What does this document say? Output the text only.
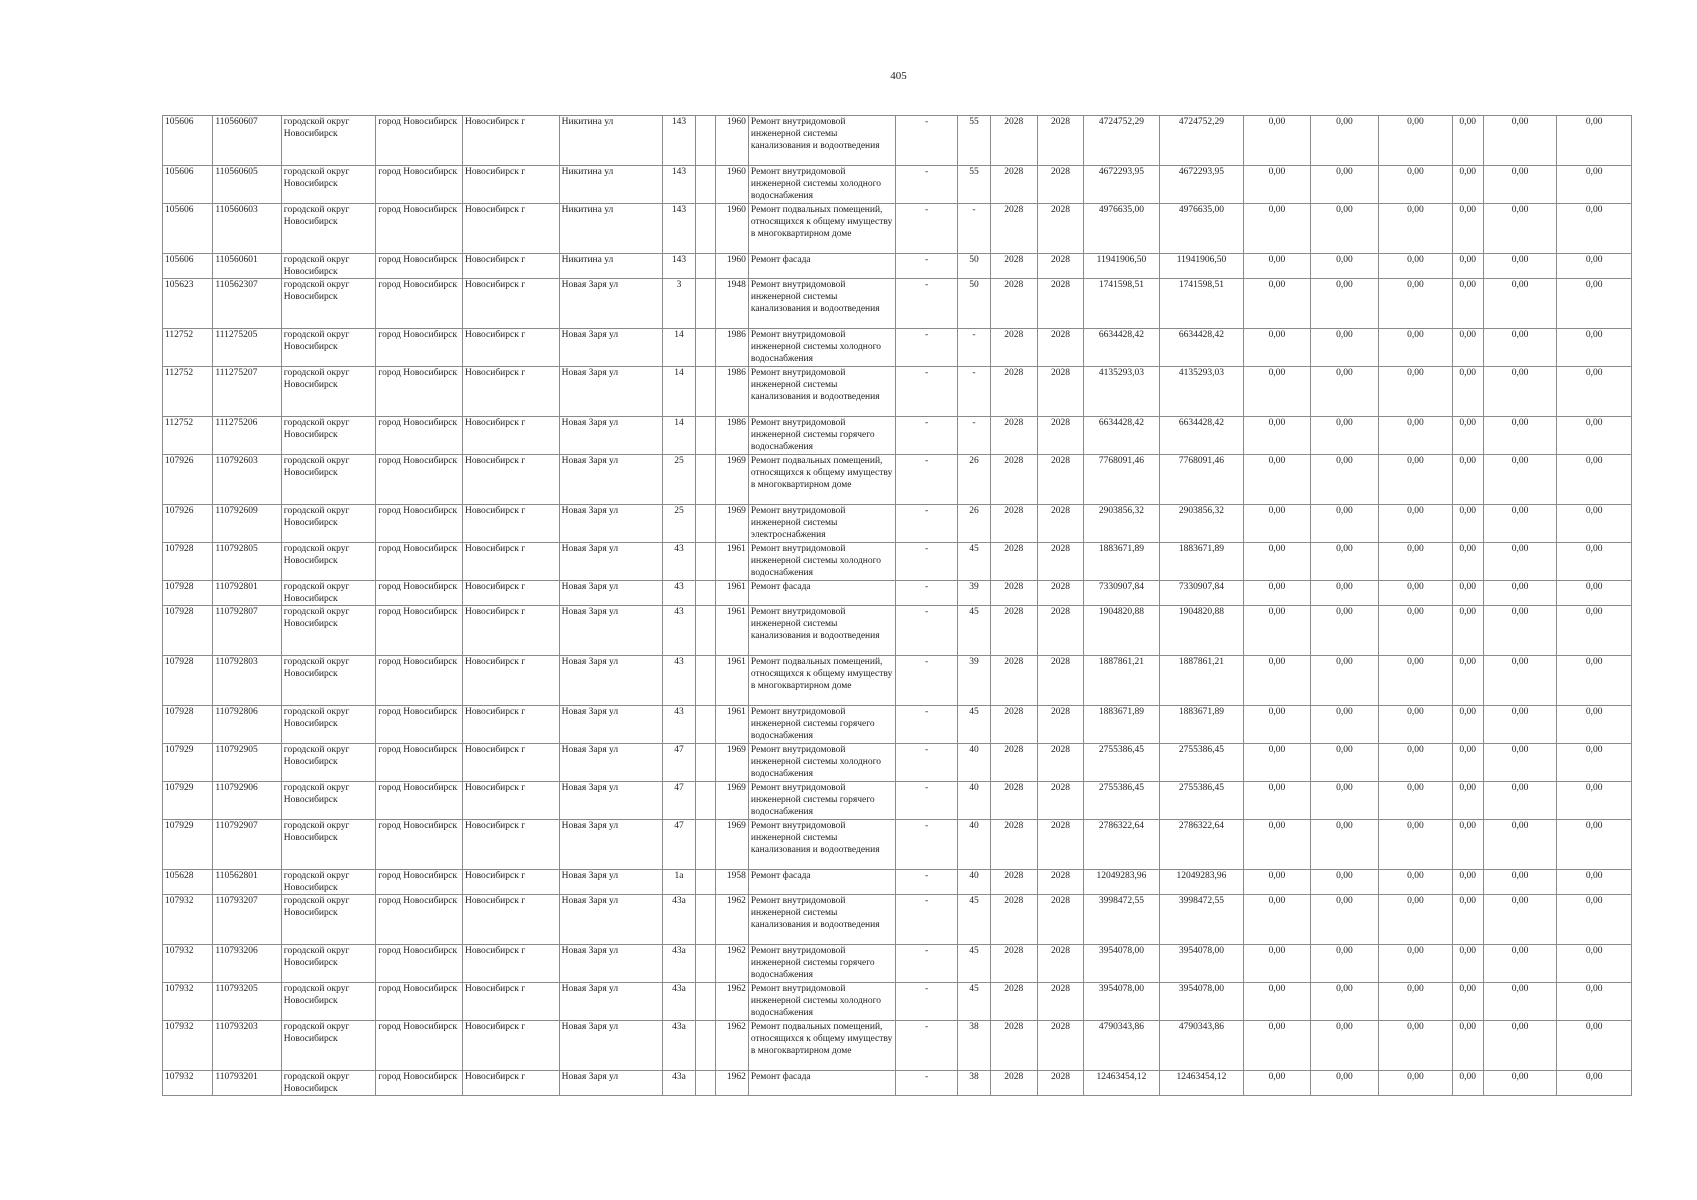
405
105606	110560607	городской округ Новосибирск	город Новосибирск	Новосибирск г	Никитина ул	143		1960	Ремонт внутридомовой инженерной системы канализования и водоотведения	-	55	2028	2028	4724752,29	4724752,29	0,00	0,00	0,00	0,00	0,00	0,00
105606	110560605	городской округ Новосибирск	город Новосибирск	Новосибирск г	Никитина ул	143		1960	Ремонт внутридомовой инженерной системы холодного водоснабжения	-	55	2028	2028	4672293,95	4672293,95	0,00	0,00	0,00	0,00	0,00	0,00
105606	110560603	городской округ Новосибирск	город Новосибирск	Новосибирск г	Никитина ул	143		1960	Ремонт подвальных помещений, относящихся к общему имуществу в многоквартирном доме	-	-	2028	2028	4976635,00	4976635,00	0,00	0,00	0,00	0,00	0,00	0,00
105606	110560601	городской округ Новосибирск	город Новосибирск	Новосибирск г	Никитина ул	143		1960	Ремонт фасада	-	50	2028	2028	11941906,50	11941906,50	0,00	0,00	0,00	0,00	0,00	0,00
105623	110562307	городской округ Новосибирск	город Новосибирск	Новосибирск г	Новая Заря ул	3		1948	Ремонт внутридомовой инженерной системы канализования и водоотведения	-	50	2028	2028	1741598,51	1741598,51	0,00	0,00	0,00	0,00	0,00	0,00
112752	111275205	городской округ Новосибирск	город Новосибирск	Новосибирск г	Новая Заря ул	14		1986	Ремонт внутридомовой инженерной системы холодного водоснабжения	-	-	2028	2028	6634428,42	6634428,42	0,00	0,00	0,00	0,00	0,00	0,00
112752	111275207	городской округ Новосибирск	город Новосибирск	Новосибирск г	Новая Заря ул	14		1986	Ремонт внутридомовой инженерной системы канализования и водоотведения	-	-	2028	2028	4135293,03	4135293,03	0,00	0,00	0,00	0,00	0,00	0,00
112752	111275206	городской округ Новосибирск	город Новосибирск	Новосибирск г	Новая Заря ул	14		1986	Ремонт внутридомовой инженерной системы горячего водоснабжения	-	-	2028	2028	6634428,42	6634428,42	0,00	0,00	0,00	0,00	0,00	0,00
107926	110792603	городской округ Новосибирск	город Новосибирск	Новосибирск г	Новая Заря ул	25		1969	Ремонт подвальных помещений, относящихся к общему имуществу в многоквартирном доме	-	26	2028	2028	7768091,46	7768091,46	0,00	0,00	0,00	0,00	0,00	0,00
107926	110792609	городской округ Новосибирск	город Новосибирск	Новосибирск г	Новая Заря ул	25		1969	Ремонт внутридомовой инженерной системы электроснабжения	-	26	2028	2028	2903856,32	2903856,32	0,00	0,00	0,00	0,00	0,00	0,00
107928	110792805	городской округ Новосибирск	город Новосибирск	Новосибирск г	Новая Заря ул	43		1961	Ремонт внутридомовой инженерной системы холодного водоснабжения	-	45	2028	2028	1883671,89	1883671,89	0,00	0,00	0,00	0,00	0,00	0,00
107928	110792801	городской округ Новосибирск	город Новосибирск	Новосибирск г	Новая Заря ул	43		1961	Ремонт фасада	-	39	2028	2028	7330907,84	7330907,84	0,00	0,00	0,00	0,00	0,00	0,00
107928	110792807	городской округ Новосибирск	город Новосибирск	Новосибирск г	Новая Заря ул	43		1961	Ремонт внутридомовой инженерной системы канализования и водоотведения	-	45	2028	2028	1904820,88	1904820,88	0,00	0,00	0,00	0,00	0,00	0,00
107928	110792803	городской округ Новосибирск	город Новосибирск	Новосибирск г	Новая Заря ул	43		1961	Ремонт подвальных помещений, относящихся к общему имуществу в многоквартирном доме	-	39	2028	2028	1887861,21	1887861,21	0,00	0,00	0,00	0,00	0,00	0,00
107928	110792806	городской округ Новосибирск	город Новосибирск	Новосибирск г	Новая Заря ул	43		1961	Ремонт внутридомовой инженерной системы горячего водоснабжения	-	45	2028	2028	1883671,89	1883671,89	0,00	0,00	0,00	0,00	0,00	0,00
107929	110792905	городской округ Новосибирск	город Новосибирск	Новосибирск г	Новая Заря ул	47		1969	Ремонт внутридомовой инженерной системы холодного водоснабжения	-	40	2028	2028	2755386,45	2755386,45	0,00	0,00	0,00	0,00	0,00	0,00
107929	110792906	городской округ Новосибирск	город Новосибирск	Новосибирск г	Новая Заря ул	47		1969	Ремонт внутридомовой инженерной системы горячего водоснабжения	-	40	2028	2028	2755386,45	2755386,45	0,00	0,00	0,00	0,00	0,00	0,00
107929	110792907	городской округ Новосибирск	город Новосибирск	Новосибирск г	Новая Заря ул	47		1969	Ремонт внутридомовой инженерной системы канализования и водоотведения	-	40	2028	2028	2786322,64	2786322,64	0,00	0,00	0,00	0,00	0,00	0,00
105628	110562801	городской округ Новосибирск	город Новосибирск	Новосибирск г	Новая Заря ул	1а		1958	Ремонт фасада	-	40	2028	2028	12049283,96	12049283,96	0,00	0,00	0,00	0,00	0,00	0,00
107932	110793207	городской округ Новосибирск	город Новосибирск	Новосибирск г	Новая Заря ул	43а		1962	Ремонт внутридомовой инженерной системы канализования и водоотведения	-	45	2028	2028	3998472,55	3998472,55	0,00	0,00	0,00	0,00	0,00	0,00
107932	110793206	городской округ Новосибирск	город Новосибирск	Новосибирск г	Новая Заря ул	43а		1962	Ремонт внутридомовой инженерной системы горячего водоснабжения	-	45	2028	2028	3954078,00	3954078,00	0,00	0,00	0,00	0,00	0,00	0,00
107932	110793205	городской округ Новосибирск	город Новосибирск	Новосибирск г	Новая Заря ул	43а		1962	Ремонт внутридомовой инженерной системы холодного водоснабжения	-	45	2028	2028	3954078,00	3954078,00	0,00	0,00	0,00	0,00	0,00	0,00
107932	110793203	городской округ Новосибирск	город Новосибирск	Новосибирск г	Новая Заря ул	43а		1962	Ремонт подвальных помещений, относящихся к общему имуществу в многоквартирном доме	-	38	2028	2028	4790343,86	4790343,86	0,00	0,00	0,00	0,00	0,00	0,00
107932	110793201	городской округ Новосибирск	город Новосибирск	Новосибирск г	Новая Заря ул	43а		1962	Ремонт фасада	-	38	2028	2028	12463454,12	12463454,12	0,00	0,00	0,00	0,00	0,00	0,00
